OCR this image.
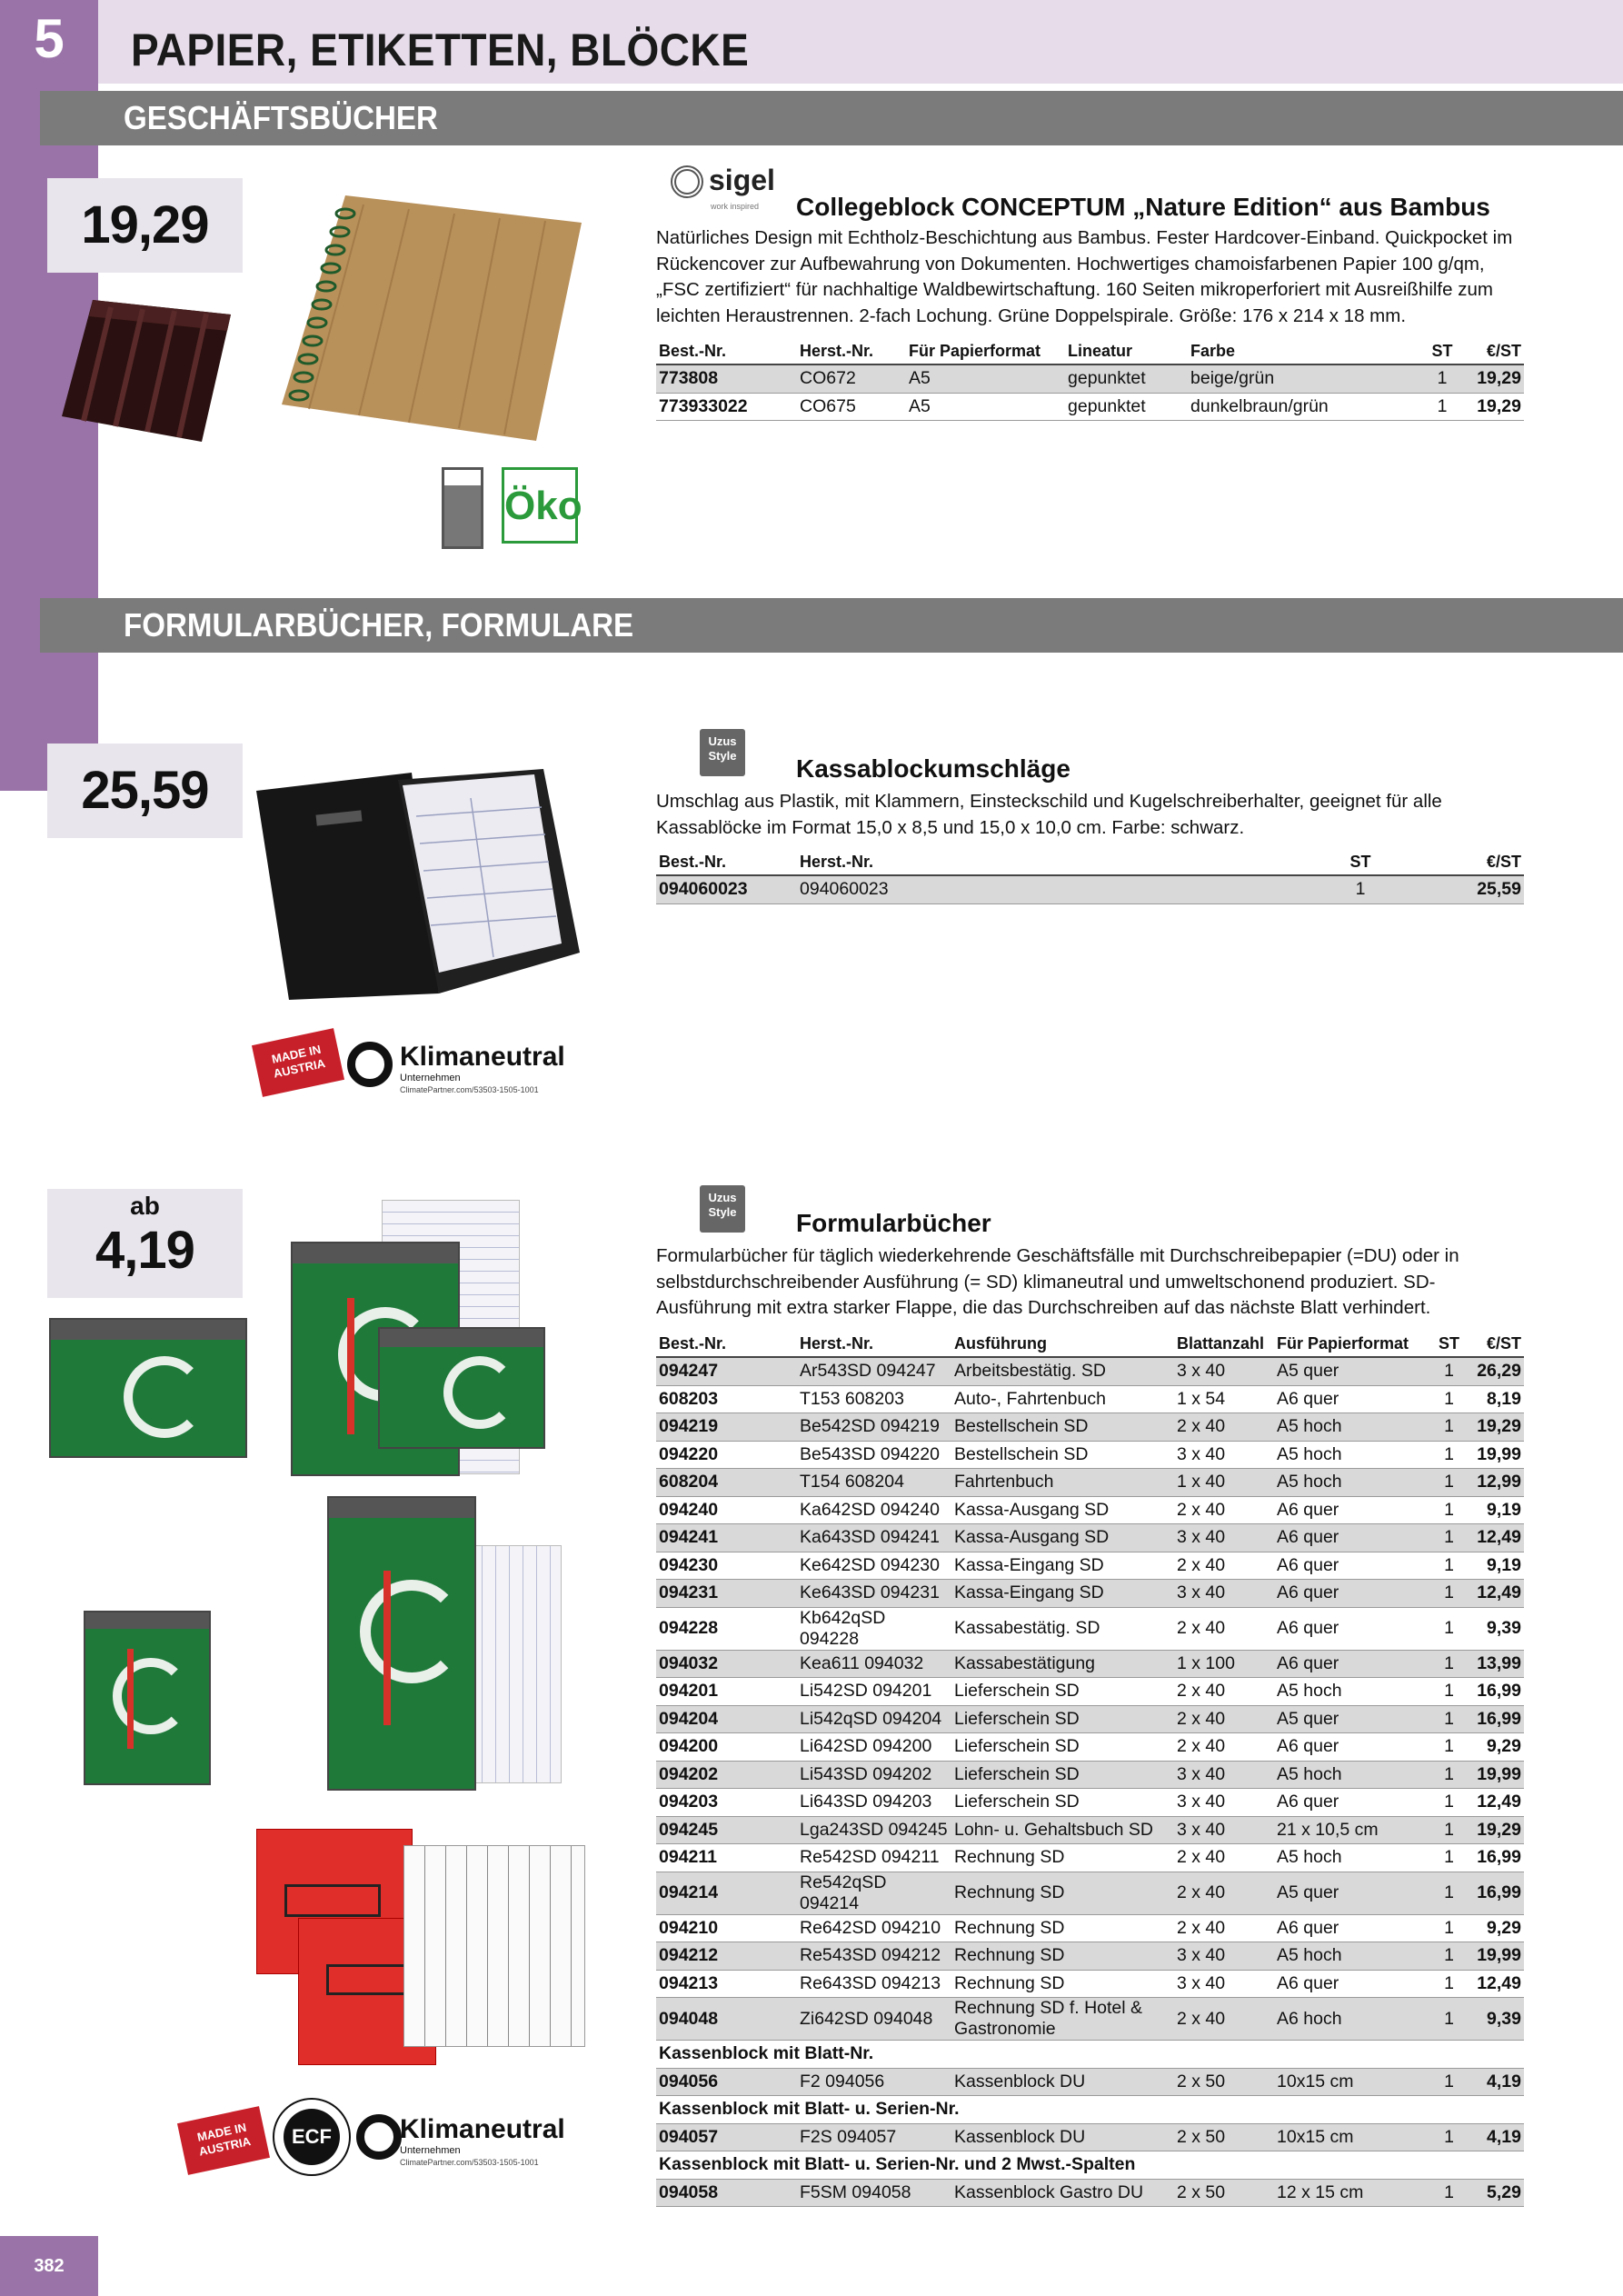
5	PAPIER, ETIKETTEN, BLÖCKE
GESCHÄFTSBÜCHER
19,29
Öko
sigel
work inspired Collegeblock CONCEPTUM „Nature Edition“ aus Bambus
Natürliches Design mit Echtholz-Beschichtung aus Bambus. Fester Hardcover-Einband. Quickpocket im Rückencover zur Aufbewahrung von Dokumenten. Hochwertiges chamoisfarbenen Papier 100 g/qm, „FSC zertifiziert“ für nachhaltige Waldbewirtschaftung. 160 Seiten mikroperforiert mit Ausreißhilfe zum leichten Heraustrennen. 2-fach Lochung. Grüne Doppelspirale. Größe: 176 x 214 x 18 mm.
Best.-Nr.	Herst.-Nr.	Für Papierformat	Lineatur	Farbe	ST	€/ST
773808	CO672	A5	gepunktet	beige/grün	1	19,29
773933022	CO675	A5	gepunktet	dunkelbraun/grün	1	19,29
FORMULARBÜCHER, FORMULARE
25,59
Uzus Style	Kassablockumschläge
Umschlag aus Plastik, mit Klammern, Einsteckschild und Kugelschreiberhalter, geeignet für alle Kassablöcke im Format 15,0 x 8,5 und 15,0 x 10,0 cm. Farbe: schwarz.
Best.-Nr.	Herst.-Nr.	ST	€/ST
094060023	094060023	1	25,59
MADE IN AUSTRIA	Klimaneutral
Unternehmen
ClimatePartner.com/53503-1505-1001
ab
4,19
MADE IN AUSTRIA	ECF	Klimaneutral
Unternehmen
ClimatePartner.com/53503-1505-1001
Uzus Style	Formularbücher
Formularbücher für täglich wiederkehrende Geschäftsfälle mit Durchschreibepapier (=DU) oder in selbstdurchschreibender Ausführung (= SD) klimaneutral und umweltschonend produziert. SD-Ausführung mit extra starker Flappe, die das Durchschreiben auf das nächste Blatt verhindert.
Best.-Nr.	Herst.-Nr.	Ausführung	Blattanzahl	Für Papierformat	ST	€/ST
094247	Ar543SD 094247	Arbeitsbestätig. SD	3 x 40	A5 quer	1	26,29
608203	T153 608203	Auto-, Fahrtenbuch	1 x 54	A6 quer	1	8,19
094219	Be542SD 094219	Bestellschein SD	2 x 40	A5 hoch	1	19,29
094220	Be543SD 094220	Bestellschein SD	3 x 40	A5 hoch	1	19,99
608204	T154 608204	Fahrtenbuch	1 x 40	A5 hoch	1	12,99
094240	Ka642SD 094240	Kassa-Ausgang SD	2 x 40	A6 quer	1	9,19
094241	Ka643SD 094241	Kassa-Ausgang SD	3 x 40	A6 quer	1	12,49
094230	Ke642SD 094230	Kassa-Eingang SD	2 x 40	A6 quer	1	9,19
094231	Ke643SD 094231	Kassa-Eingang SD	3 x 40	A6 quer	1	12,49
094228	Kb642qSD 094228	Kassabestätig. SD	2 x 40	A6 quer	1	9,39
094032	Kea611 094032	Kassabestätigung	1 x 100	A6 quer	1	13,99
094201	Li542SD 094201	Lieferschein SD	2 x 40	A5 hoch	1	16,99
094204	Li542qSD 094204	Lieferschein SD	2 x 40	A5 quer	1	16,99
094200	Li642SD 094200	Lieferschein SD	2 x 40	A6 quer	1	9,29
094202	Li543SD 094202	Lieferschein SD	3 x 40	A5 hoch	1	19,99
094203	Li643SD 094203	Lieferschein SD	3 x 40	A6 quer	1	12,49
094245	Lga243SD 094245	Lohn- u. Gehaltsbuch SD	3 x 40	21 x 10,5 cm	1	19,29
094211	Re542SD 094211	Rechnung SD	2 x 40	A5 hoch	1	16,99
094214	Re542qSD 094214	Rechnung SD	2 x 40	A5 quer	1	16,99
094210	Re642SD 094210	Rechnung SD	2 x 40	A6 quer	1	9,29
094212	Re543SD 094212	Rechnung SD	3 x 40	A5 hoch	1	19,99
094213	Re643SD 094213	Rechnung SD	3 x 40	A6 quer	1	12,49
094048	Zi642SD 094048	Rechnung SD f. Hotel & Gastronomie	2 x 40	A6 hoch	1	9,39
Kassenblock mit Blatt-Nr.						
094056	F2 094056	Kassenblock DU	2 x 50	10x15 cm	1	4,19
Kassenblock mit Blatt- u. Serien-Nr.						
094057	F2S 094057	Kassenblock DU	2 x 50	10x15 cm	1	4,19
Kassenblock mit Blatt- u. Serien-Nr. und 2 Mwst.-Spalten						
094058	F5SM 094058	Kassenblock Gastro DU	2 x 50	12 x 15 cm	1	5,29
382
